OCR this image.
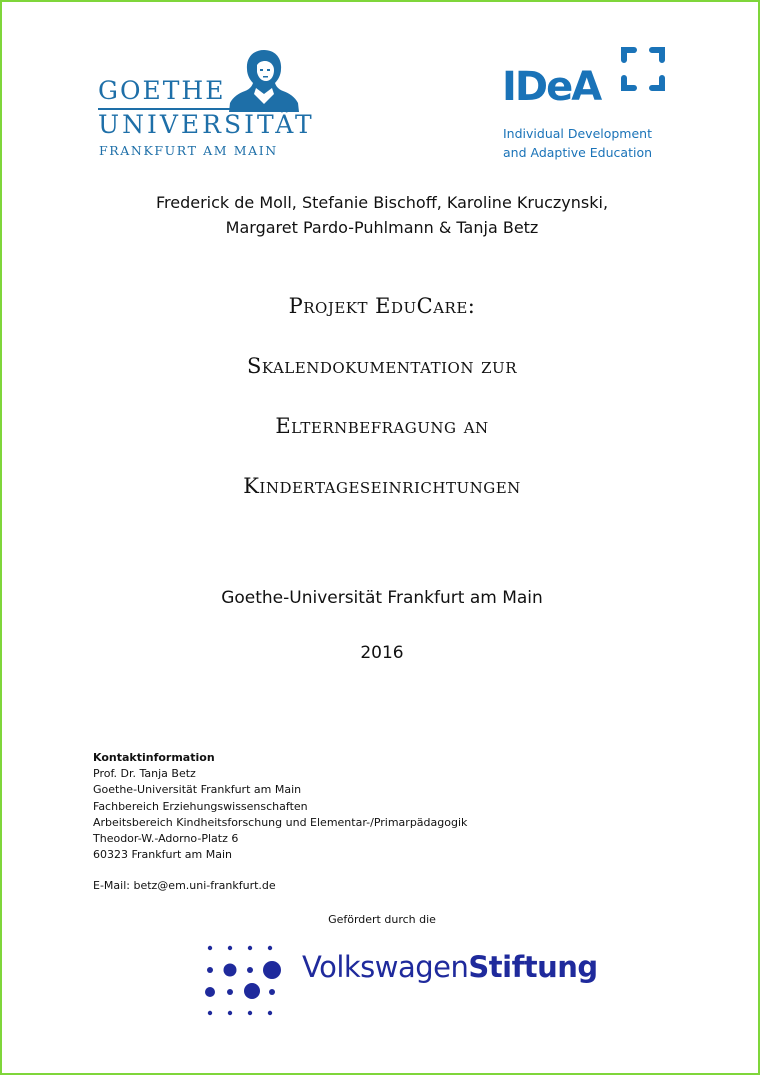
GOETHE
UNIVERSITÄT
FRANKFURT AM MAIN
IDeA
Individual Development
and Adaptive Education
Frederick de Moll, Stefanie Bischoff, Karoline Kruczynski,
Margaret Pardo-Puhlmann & Tanja Betz
Projekt EduCare:
Skalendokumentation zur
Elternbefragung an
Kindertageseinrichtungen
Goethe-Universität Frankfurt am Main
2016
Kontaktinformation
Prof. Dr. Tanja Betz
Goethe-Universität Frankfurt am Main
Fachbereich Erziehungswissenschaften
Arbeitsbereich Kindheitsforschung und Elementar-/Primarpädagogik
Theodor-W.-Adorno-Platz 6
60323 Frankfurt am Main
E-Mail: betz@em.uni-frankfurt.de
Gefördert durch die
VolkswagenStiftung
